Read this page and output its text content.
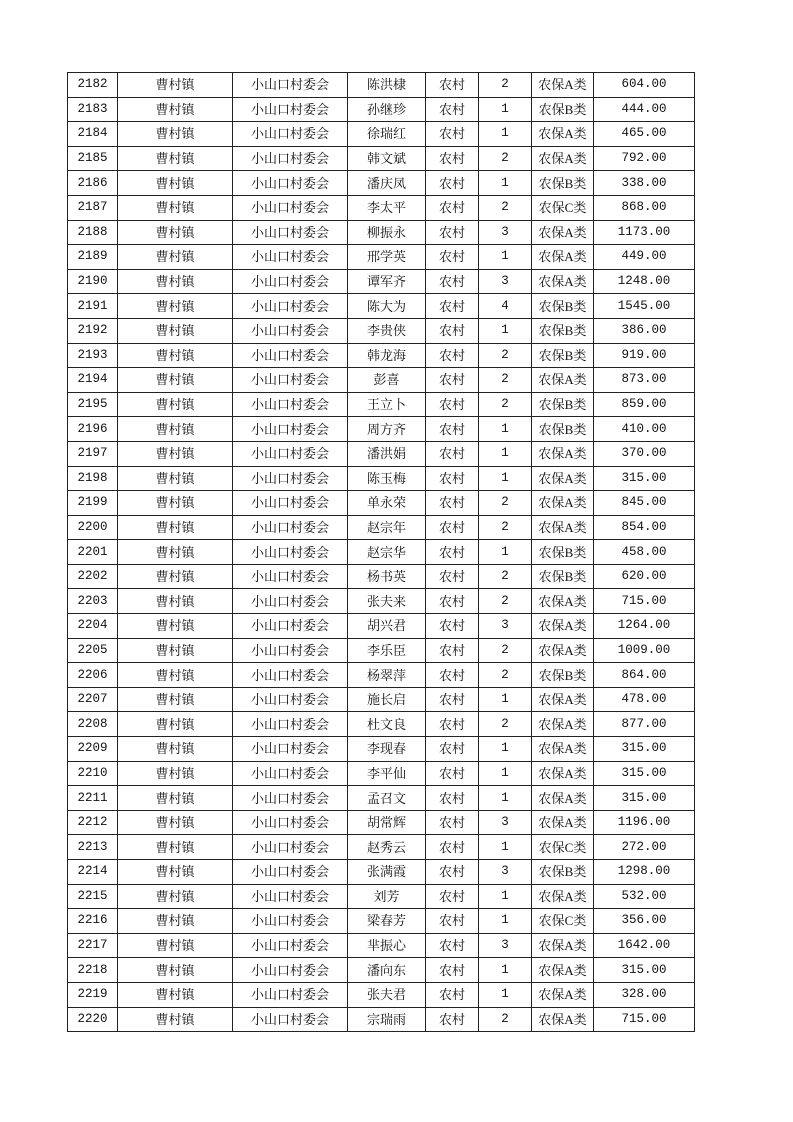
2182	曹村镇	小山口村委会	陈洪棣	农村	2	农保A类	604.00
2183	曹村镇	小山口村委会	孙继珍	农村	1	农保B类	444.00
2184	曹村镇	小山口村委会	徐瑞红	农村	1	农保A类	465.00
2185	曹村镇	小山口村委会	韩文斌	农村	2	农保A类	792.00
2186	曹村镇	小山口村委会	潘庆凤	农村	1	农保B类	338.00
2187	曹村镇	小山口村委会	李太平	农村	2	农保C类	868.00
2188	曹村镇	小山口村委会	柳振永	农村	3	农保A类	1173.00
2189	曹村镇	小山口村委会	邢学英	农村	1	农保A类	449.00
2190	曹村镇	小山口村委会	谭军齐	农村	3	农保A类	1248.00
2191	曹村镇	小山口村委会	陈大为	农村	4	农保B类	1545.00
2192	曹村镇	小山口村委会	李贵侠	农村	1	农保B类	386.00
2193	曹村镇	小山口村委会	韩龙海	农村	2	农保B类	919.00
2194	曹村镇	小山口村委会	彭喜	农村	2	农保A类	873.00
2195	曹村镇	小山口村委会	王立卜	农村	2	农保B类	859.00
2196	曹村镇	小山口村委会	周方齐	农村	1	农保B类	410.00
2197	曹村镇	小山口村委会	潘洪娟	农村	1	农保A类	370.00
2198	曹村镇	小山口村委会	陈玉梅	农村	1	农保A类	315.00
2199	曹村镇	小山口村委会	单永荣	农村	2	农保A类	845.00
2200	曹村镇	小山口村委会	赵宗年	农村	2	农保A类	854.00
2201	曹村镇	小山口村委会	赵宗华	农村	1	农保B类	458.00
2202	曹村镇	小山口村委会	杨书英	农村	2	农保B类	620.00
2203	曹村镇	小山口村委会	张夫来	农村	2	农保A类	715.00
2204	曹村镇	小山口村委会	胡兴君	农村	3	农保A类	1264.00
2205	曹村镇	小山口村委会	李乐臣	农村	2	农保A类	1009.00
2206	曹村镇	小山口村委会	杨翠萍	农村	2	农保B类	864.00
2207	曹村镇	小山口村委会	施长启	农村	1	农保A类	478.00
2208	曹村镇	小山口村委会	杜文良	农村	2	农保A类	877.00
2209	曹村镇	小山口村委会	李现春	农村	1	农保A类	315.00
2210	曹村镇	小山口村委会	李平仙	农村	1	农保A类	315.00
2211	曹村镇	小山口村委会	孟召文	农村	1	农保A类	315.00
2212	曹村镇	小山口村委会	胡常辉	农村	3	农保A类	1196.00
2213	曹村镇	小山口村委会	赵秀云	农村	1	农保C类	272.00
2214	曹村镇	小山口村委会	张满霞	农村	3	农保B类	1298.00
2215	曹村镇	小山口村委会	刘芳	农村	1	农保A类	532.00
2216	曹村镇	小山口村委会	梁春芳	农村	1	农保C类	356.00
2217	曹村镇	小山口村委会	芈振心	农村	3	农保A类	1642.00
2218	曹村镇	小山口村委会	潘向东	农村	1	农保A类	315.00
2219	曹村镇	小山口村委会	张夫君	农村	1	农保A类	328.00
2220	曹村镇	小山口村委会	宗瑞雨	农村	2	农保A类	715.00
